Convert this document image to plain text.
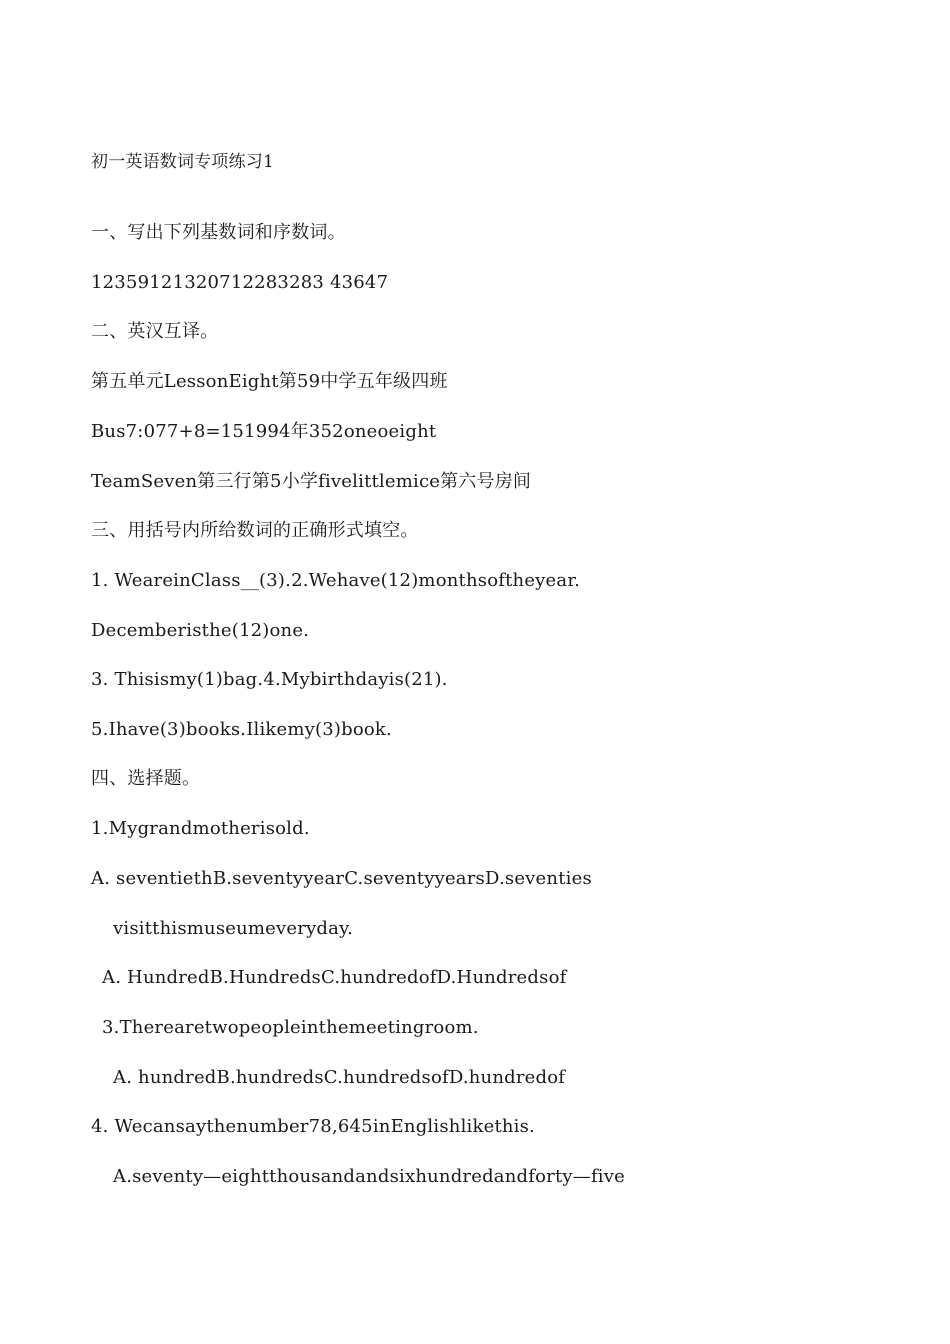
初一英语数词专项练习1
一、写出下列基数词和序数词。
12359121320712283283 43647
二、英汉互译。
第五单元LessonEight第59中学五年级四班
Bus7:077+8=151994年352oneoeight
TeamSeven第三行第5小学fivelittlemice第六号房间
三、用括号内所给数词的正确形式填空。
1. WeareinClass__(3).2.Wehave(12)monthsoftheyear.
Decemberisthe(12)one.
3. Thisismy(1)bag.4.Mybirthdayis(21).
5.Ihave(3)books.Ilikemy(3)book.
四、选择题。
1.Mygrandmotherisold.
A. seventiethB.seventyyearC.seventyyearsD.seventies
visitthismuseumeveryday.
A. HundredB.HundredsC.hundredofD.Hundredsof
3.Therearetwopeopleinthemeetingroom.
A. hundredB.hundredsC.hundredsofD.hundredof
4. Wecansaythenumber78,645inEnglishlikethis.
A.seventy—eightthousandandsixhundredandforty—five
